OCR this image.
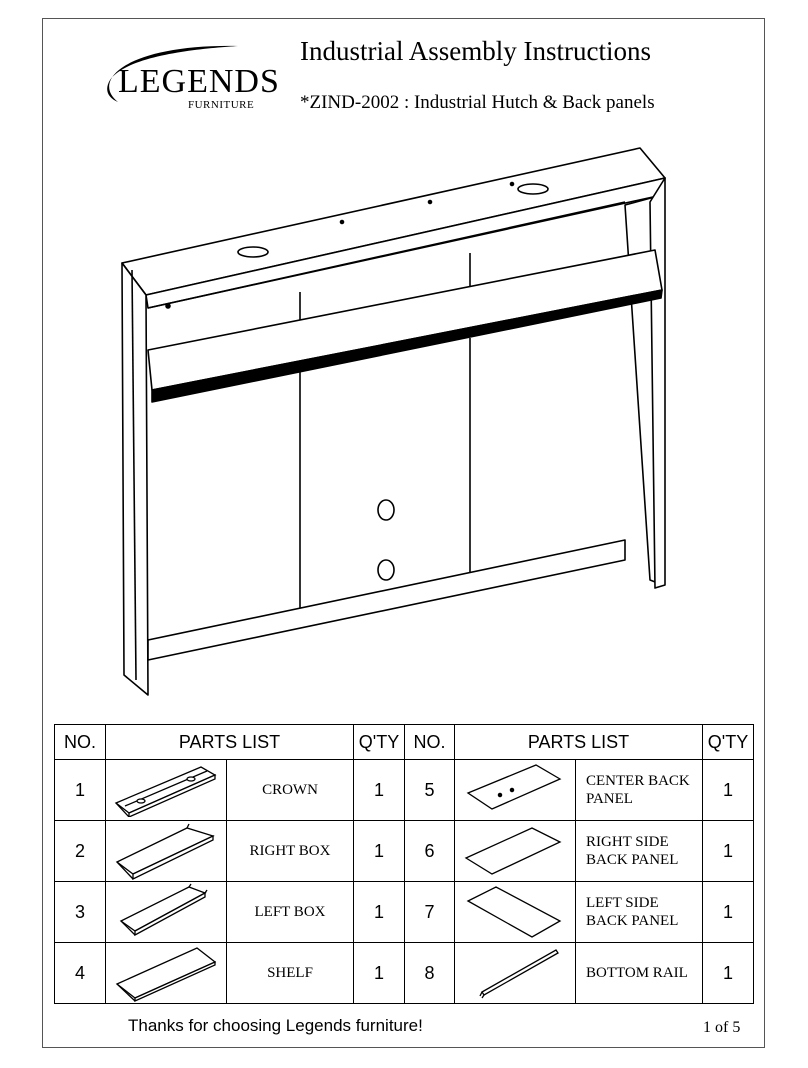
LEGENDS
FURNITURE
Industrial Assembly Instructions
*ZIND-2002 : Industrial Hutch & Back panels
NO.	PARTS LIST		Q'TY	NO.	PARTS LIST		Q'TY
1		CROWN	1	5		CENTER BACK PANEL	1
2		RIGHT BOX	1	6		RIGHT SIDE BACK PANEL	1
3		LEFT BOX	1	7		LEFT SIDE BACK PANEL	1
4		SHELF	1	8		BOTTOM RAIL	1
Thanks for choosing Legends furniture!	1 of 5
